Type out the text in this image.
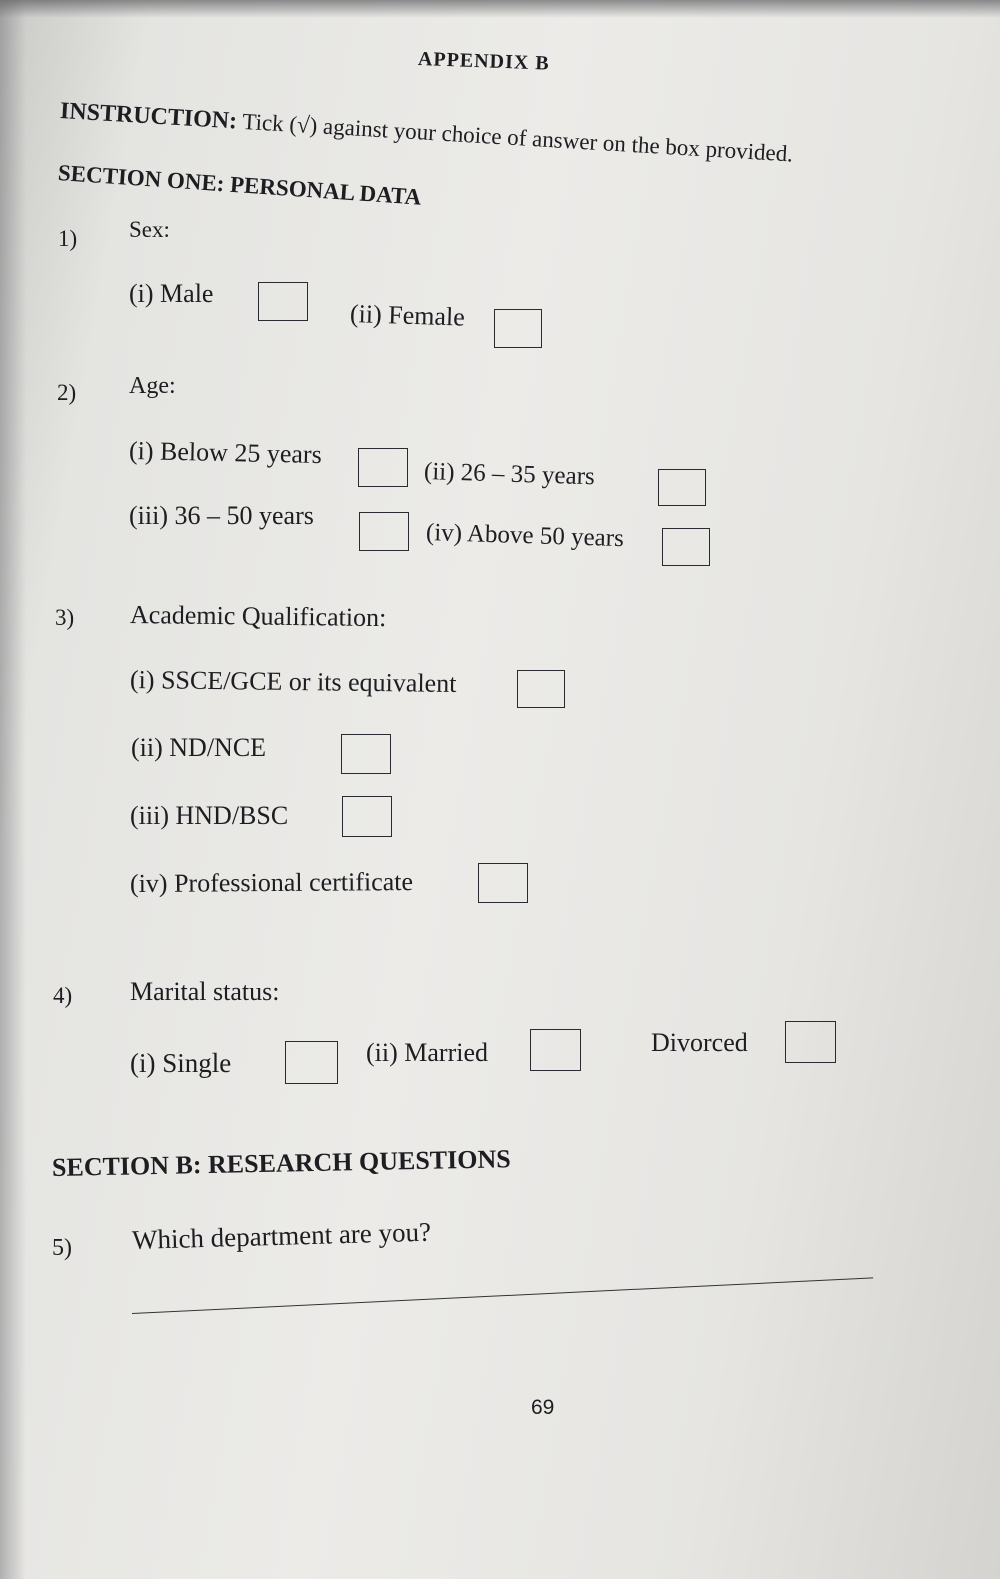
APPENDIX B
INSTRUCTION: Tick (√) against your choice of answer on the box provided.
SECTION ONE: PERSONAL DATA
1) Sex:
(i) Male
(ii) Female
2) Age:
(i) Below 25 years
(ii) 26 – 35 years
(iii) 36 – 50 years
(iv) Above 50 years
3) Academic Qualification:
(i) SSCE/GCE or its equivalent
(ii) ND/NCE
(iii) HND/BSC
(iv) Professional certificate
4) Marital status:
(i) Single	(ii) Married	Divorced
SECTION B: RESEARCH QUESTIONS
5) Which department are you?
69
